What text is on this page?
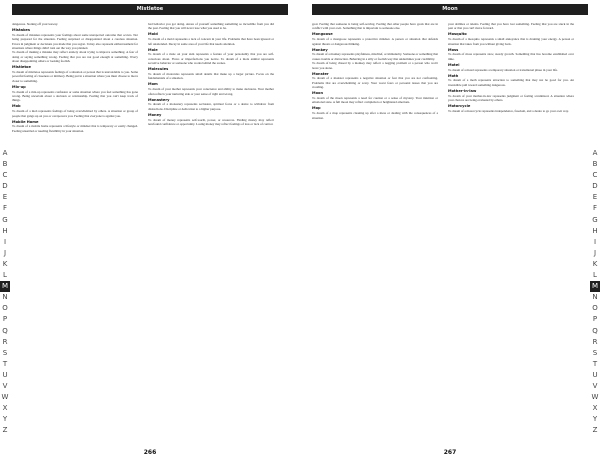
Mistletoe

dangerous. Stoning off your leeway.

Mistakes

To dream of mistakes represents your feelings about some unexpected outcome that occurs. Not being prepared for the situation. Feeling surprised or disappointed about a careless situation. Errors in judgment or decisions you made that you regret. It may also represent embarrassment for situations where things didn't turn out the way you planned.

To dream of making a mistake may reflect anxiety about trying to improve something. A fear of doing or saying something wrong. Feeling that you are not good enough at something. Worry about disappointing others or looking foolish.

Mistletoe

To dream of mistletoe represents feelings of a situation or person that is unavoidable to you. Some powerful feeling of closeness or intimacy. Being put in a situation where you must choose to move closer to something.

Mix-up

To dream of a mix-up represents confusion or some situation where you feel something has gone wrong. Being uncertain about a decision or relationship. Feeling that you can't keep track of things.

Mob

To dream of a mob represents feelings of being overwhelmed by others. A situation or group of people that gangs up on you or overpowers you. Feeling that everyone is against you.

Mobile Home

To dream of a mobile home represents a lifestyle or mindset that is temporary or easily changed. Feeling unsettled or needing flexibility in your situation.

bad behavior you got doing. Aware of yourself something something so incredible from you did the past. Feeling that you will never lose what you used to be.

Mold

To dream of a mold represents a lack of concern in your life. Problems that have been ignored or left unattended. Decay in some area of your life that needs attention.

Mole

To dream of a mole on your skin represents a feature of your personality that you are self-conscious about. Flaws or imperfections you notice. To dream of a mole animal represents secretive behavior or someone who works behind the scenes.

Molecules

To dream of molecules represents small details that make up a larger picture. Focus on the fundamentals of a situation.

Mom

To dream of your mother represents your conscience and ability to make decisions. Your mother often reflects your nurturing side or your sense of right and wrong.

Monastery

To dream of a monastery represents seclusion, spiritual focus or a desire to withdraw from distractions. Discipline or dedication to a higher purpose.

Money

To dream of money represents self-worth, power, or resources. Finding money may reflect newfound confidence or opportunity. Losing money may reflect feelings of loss or lack of control.

A
B
C
D
E
F
G
H
I
J
K
L
M
N
O
P
Q
R
S
T
U
V
W
X
Y
Z
266
Moon

goal. Feeling that someone is being self-serving. Feeling that other people have goals that are in conflict with your own. Something that is important to someone else.

Mongoose

To dream of a mongoose represents a protective mindset. A person or situation that defends against threats or dangerous thinking.

Monkey

To dream of a monkey represents playfulness, mischief, or immaturity. Someone or something that causes trouble or distraction. Behaving in a silly or foolish way that undermines your credibility.

To dream of being chased by a monkey may reflect a nagging problem or a person who won't leave you alone.

Monster

To dream of a monster represents a negative situation or fear that you are not confronting. Problems that are overwhelming or scary. Your worst fears or personal issues that you are avoiding.

Moon

To dream of the moon represents a need for caution or a sense of mystery. Your intuition or emotional state. A full moon may reflect completion or heightened emotions.

Mop

To dream of a mop represents cleaning up after a mess or dealing with the consequences of a situation.

your abilities or talents. Feeling that you have lost something. Feeling that you are stuck in the past or that you can't move forward.

Mosquito

To dream of a mosquito represents a small annoyance that is draining your energy. A person or situation that takes from you without giving back.

Moss

To dream of moss represents slow, steady growth. Something that has become established over time.

Motel

To dream of a motel represents a temporary situation or transitional phase in your life.

Moth

To dream of a moth represents attraction to something that may not be good for you. An irresistible pull toward something dangerous.

Mother-in-law

To dream of your mother-in-law represents judgment or feeling scrutinized. A situation where your choices are being evaluated by others.

Motorcycle

To dream of a motorcycle represents independence, freedom, and a desire to go your own way.

A
B
C
D
E
F
G
H
I
J
K
L
M
N
O
P
Q
R
S
T
U
V
W
X
Y
Z
267
